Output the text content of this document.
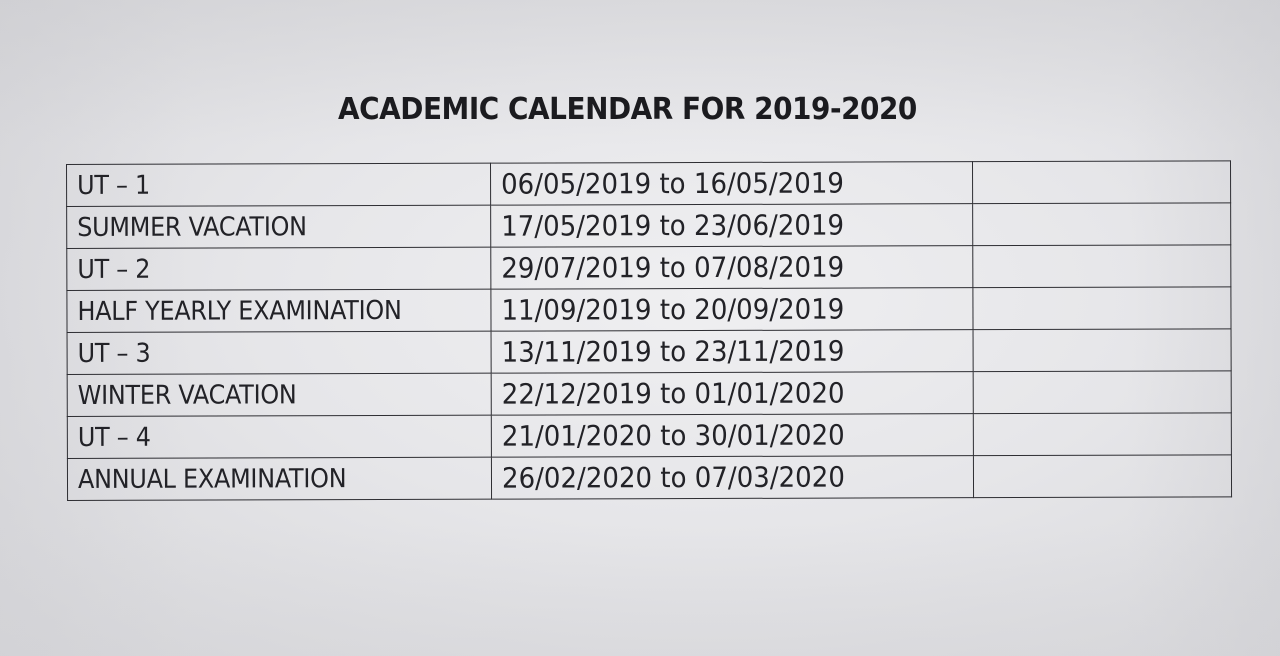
ACADEMIC CALENDAR FOR 2019-2020
UT – 1	06/05/2019 to 16/05/2019	
SUMMER VACATION	17/05/2019 to 23/06/2019	
UT – 2	29/07/2019 to 07/08/2019	
HALF YEARLY EXAMINATION	11/09/2019 to 20/09/2019	
UT – 3	13/11/2019 to 23/11/2019	
WINTER VACATION	22/12/2019 to 01/01/2020	
UT – 4	21/01/2020 to 30/01/2020	
ANNUAL EXAMINATION	26/02/2020 to 07/03/2020	
